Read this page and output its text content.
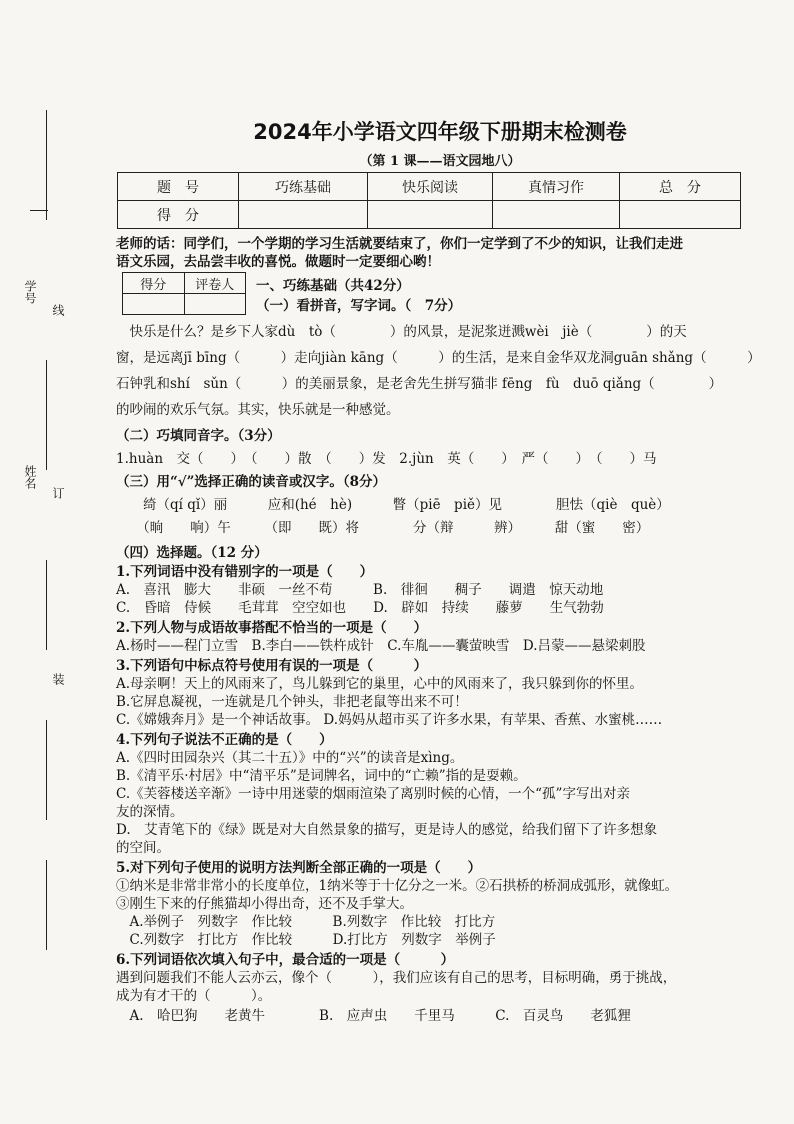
学号
线
姓名
订
装
2024年小学语文四年级下册期末检测卷
（第 1 课——语文园地八）
题　号	巧练基础	快乐阅读	真情习作	总　分
得　分				
老师的话：同学们，一个学期的学习生活就要结束了，你们一定学到了不少的知识，让我们走进
语文乐园，去品尝丰收的喜悦。做题时一定要细心哟！
得分	评卷人
	一、巧练基础（共42分）
（一）看拼音，写字词。（　7分）
　快乐是什么？是乡下人家dù　tò（　　　　）的风景，是泥浆迸溅wèi　jiè（　　　　）的天
窗，是远离jī bīng（　　　）走向jiàn kāng（　　　）的生活，是来自金华双龙洞guān shǎng（　　　）
石钟乳和shí　sǔn（　　　）的美丽景象，是老舍先生拼写猫非 fēng　fù　duō qiǎng（　　　　）
的吵闹的欢乐气氛。其实，快乐就是一种感觉。
（二）巧填同音字。（3分）
1.huàn　交（　　）　（　　）散　（　　）发　2.jùn　英（　　）　严（　　）　（　　）马
（三）用“√”选择正确的读音或汉字。（8分）
　　绮（qí qǐ）丽　　　应和(hé　hè)　　　瞥（piē　piě）见　　　　胆怯（qiè　què）
　　（晌　　响）午　　　（即　　既）将　　　　分（辩　　　辨）　　　甜（蜜　　密）
（四）选择题。（12 分）
1.下列词语中没有错别字的一项是（　　）
A.　喜汛　膨大　　非硕　一丝不苟　　　B.　徘徊　　稠子　　调遣　惊天动地
C.　昏暗　侍候　　毛茸茸　空空如也　　D.　辟如　持续　　藤萝　　生气勃勃
2.下列人物与成语故事搭配不恰当的一项是（　　）
A.杨时——程门立雪　B.李白——铁杵成针　C.车胤——囊萤映雪　D.吕蒙——悬梁刺股
3.下列语句中标点符号使用有误的一项是（　　　）
A.母亲啊！天上的风雨来了，鸟儿躲到它的巢里，心中的风雨来了，我只躲到你的怀里。
B.它屏息凝视，一连就是几个钟头，非把老鼠等出来不可！
C.《嫦娥奔月》是一个神话故事。 D.妈妈从超市买了许多水果，有苹果、香蕉、水蜜桃……
4.下列句子说法不正确的是（　　）
A.《四时田园杂兴（其二十五）》中的“兴”的读音是xìng。
B.《清平乐·村居》中“清平乐”是词牌名，词中的“亡赖”指的是耍赖。
C.《芙蓉楼送辛渐》一诗中用迷蒙的烟雨渲染了离别时候的心情，一个“孤”字写出对亲
友的深情。
D.　艾青笔下的《绿》既是对大自然景象的描写，更是诗人的感觉，给我们留下了许多想象
的空间。
5.对下列句子使用的说明方法判断全部正确的一项是（　　）
①纳米是非常非常小的长度单位，1纳米等于十亿分之一米。②石拱桥的桥洞成弧形，就像虹。
③刚生下来的仔熊猫却小得出奇，还不及手掌大。
　A.举例子　列数字　作比较　　　B.列数字　作比较　打比方
　C.列数字　打比方　作比较　　　D.打比方　列数字　举例子
6.下列词语依次填入句子中，最合适的一项是（　　　）
遇到问题我们不能人云亦云，像个（　　　），我们应该有自己的思考，目标明确，勇于挑战，
成为有才干的（　　　）。
　A.　哈巴狗　　老黄牛　　　　B.　应声虫　　千里马　　　C.　百灵鸟　　老狐狸
